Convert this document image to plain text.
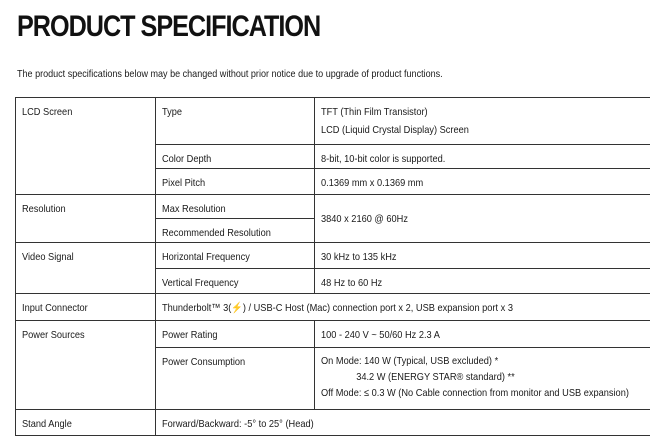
PRODUCT SPECIFICATION
The product specifications below may be changed without prior notice due to upgrade of product functions.
LCD Screen	Type	TFT (Thin Film Transistor)
LCD (Liquid Crystal Display) Screen
	Color Depth	8-bit, 10-bit color is supported.
	Pixel Pitch	0.1369 mm x 0.1369 mm
Resolution	Max Resolution	3840 x 2160 @ 60Hz
	Recommended Resolution	
Video Signal	Horizontal Frequency	30 kHz to 135 kHz
	Vertical Frequency	48 Hz to 60 Hz
Input Connector	Thunderbolt™ 3(⚡) / USB-C Host (Mac) connection port x 2, USB expansion port x 3	
Power Sources	Power Rating	100 - 240 V ~ 50/60 Hz 2.3 A
	Power Consumption	On Mode: 140 W (Typical, USB excluded) *
34.2 W (ENERGY STAR® standard) **
Off Mode: ≤ 0.3 W (No Cable connection from monitor and USB expansion)
Stand Angle	Forward/Backward: -5° to 25° (Head)	
